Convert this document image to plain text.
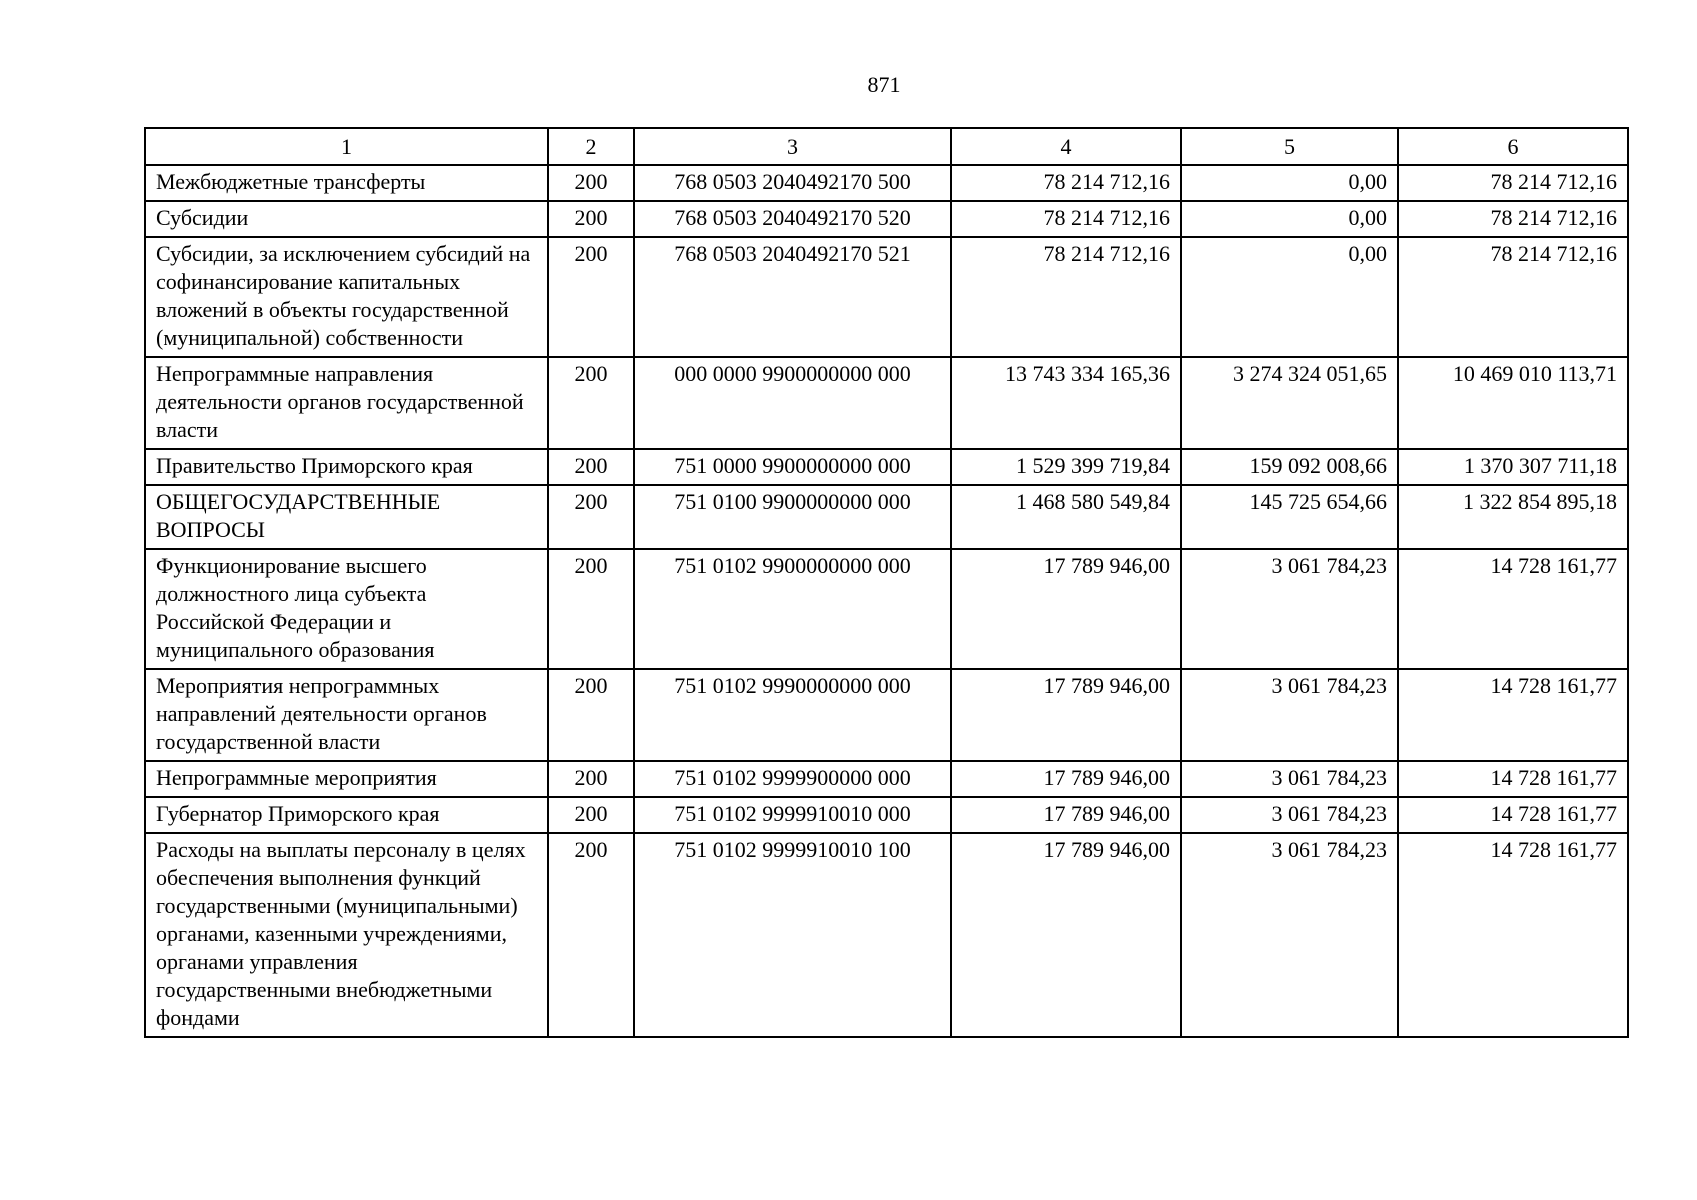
871
1	2	3	4	5	6
Межбюджетные трансферты	200	768 0503 2040492170 500	78 214 712,16	0,00	78 214 712,16
Субсидии	200	768 0503 2040492170 520	78 214 712,16	0,00	78 214 712,16
Субсидии, за исключением субсидий на софинансирование капитальных вложений в объекты государственной (муниципальной) собственности	200	768 0503 2040492170 521	78 214 712,16	0,00	78 214 712,16
Непрограммные направления деятельности органов государственной власти	200	000 0000 9900000000 000	13 743 334 165,36	3 274 324 051,65	10 469 010 113,71
Правительство Приморского края	200	751 0000 9900000000 000	1 529 399 719,84	159 092 008,66	1 370 307 711,18
ОБЩЕГОСУДАРСТВЕННЫЕ ВОПРОСЫ	200	751 0100 9900000000 000	1 468 580 549,84	145 725 654,66	1 322 854 895,18
Функционирование высшего должностного лица субъекта Российской Федерации и муниципального образования	200	751 0102 9900000000 000	17 789 946,00	3 061 784,23	14 728 161,77
Мероприятия непрограммных направлений деятельности органов государственной власти	200	751 0102 9990000000 000	17 789 946,00	3 061 784,23	14 728 161,77
Непрограммные мероприятия	200	751 0102 9999900000 000	17 789 946,00	3 061 784,23	14 728 161,77
Губернатор Приморского края	200	751 0102 9999910010 000	17 789 946,00	3 061 784,23	14 728 161,77
Расходы на выплаты персоналу в целях обеспечения выполнения функций государственными (муниципальными) органами, казенными учреждениями, органами управления государственными внебюджетными фондами	200	751 0102 9999910010 100	17 789 946,00	3 061 784,23	14 728 161,77
